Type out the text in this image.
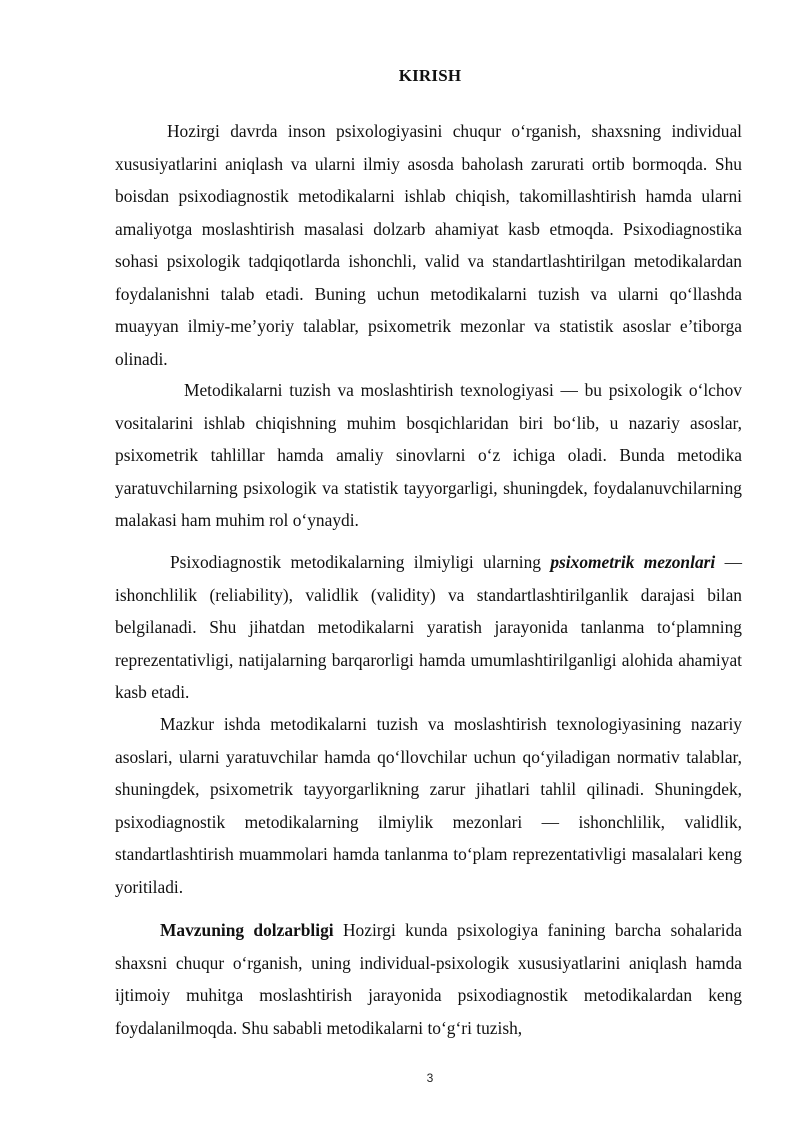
KIRISH

Hozirgi davrda inson psixologiyasini chuqur o‘rganish, shaxsning individual xususiyatlarini aniqlash va ularni ilmiy asosda baholash zarurati ortib bormoqda. Shu boisdan psixodiagnostik metodikalarni ishlab chiqish, takomillashtirish hamda ularni amaliyotga moslashtirish masalasi dolzarb ahamiyat kasb etmoqda. Psixodiagnostika sohasi psixologik tadqiqotlarda ishonchli, valid va standartlashtirilgan metodikalardan foydalanishni talab etadi. Buning uchun metodikalarni tuzish va ularni qo‘llashda muayyan ilmiy-me’yoriy talablar, psixometrik mezonlar va statistik asoslar e’tiborga olinadi.

Metodikalarni tuzish va moslashtirish texnologiyasi — bu psixologik o‘lchov vositalarini ishlab chiqishning muhim bosqichlaridan biri bo‘lib, u nazariy asoslar, psixometrik tahlillar hamda amaliy sinovlarni o‘z ichiga oladi. Bunda metodika yaratuvchilarning psixologik va statistik tayyorgarligi, shuningdek, foydalanuvchilarning malakasi ham muhim rol o‘ynaydi.

Psixodiagnostik metodikalarning ilmiyligi ularning psixometrik mezonlari — ishonchlilik (reliability), validlik (validity) va standartlashtirilganlik darajasi bilan belgilanadi. Shu jihatdan metodikalarni yaratish jarayonida tanlanma to‘plamning reprezentativligi, natijalarning barqarorligi hamda umumlashtirilganligi alohida ahamiyat kasb etadi.

Mazkur ishda metodikalarni tuzish va moslashtirish texnologiyasining nazariy asoslari, ularni yaratuvchilar hamda qo‘llovchilar uchun qo‘yiladigan normativ talablar, shuningdek, psixometrik tayyorgarlikning zarur jihatlari tahlil qilinadi. Shuningdek, psixodiagnostik metodikalarning ilmiylik mezonlari — ishonchlilik, validlik, standartlashtirish muammolari hamda tanlanma to‘plam reprezentativligi masalalari keng yoritiladi.

Mavzuning dolzarbligi Hozirgi kunda psixologiya fanining barcha sohalarida shaxsni chuqur o‘rganish, uning individual-psixologik xususiyatlarini aniqlash hamda ijtimoiy muhitga moslashtirish jarayonida psixodiagnostik metodikalardan keng foydalanilmoqda. Shu sababli metodikalarni to‘g‘ri tuzish,

3
